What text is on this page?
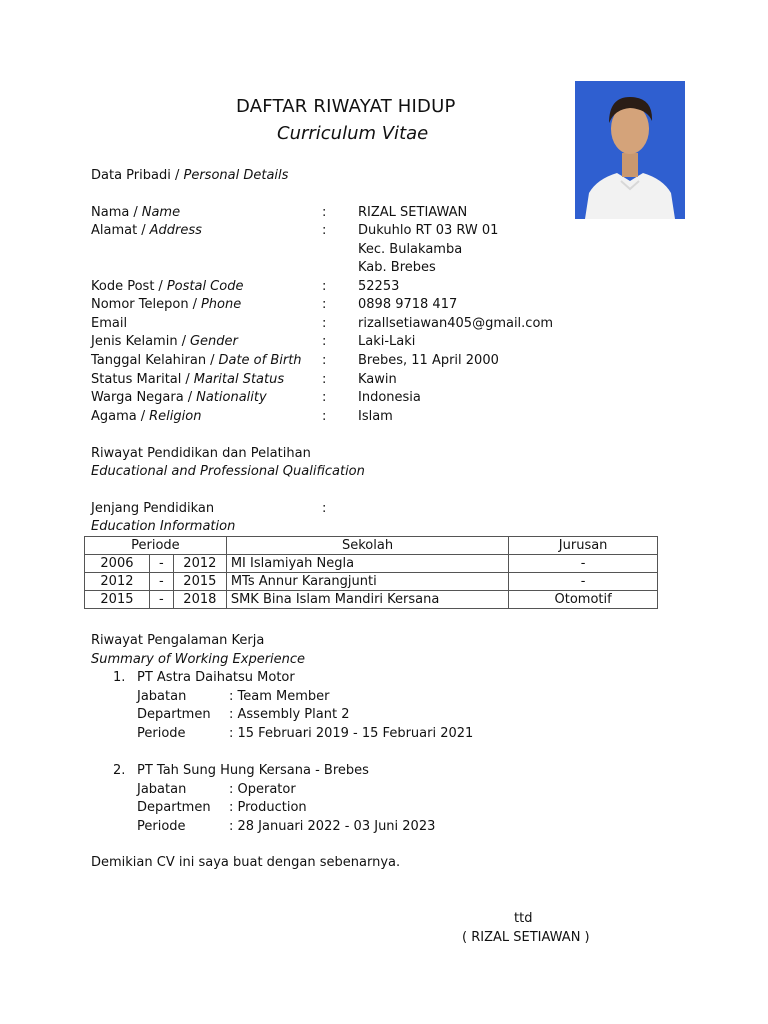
DAFTAR RIWAYAT HIDUP
Curriculum Vitae
Data Pribadi / Personal Details
Nama / Name	: RIZAL SETIAWAN
Alamat / Address	: Dukuhlo RT 03 RW 01
Kec. Bulakamba
Kab. Brebes
Kode Post / Postal Code	: 52253
Nomor Telepon / Phone	: 0898 9718 417
Email	: rizallsetiawan405@gmail.com
Jenis Kelamin / Gender	: Laki-Laki
Tanggal Kelahiran / Date of Birth : Brebes, 11 April 2000
Status Marital / Marital Status	: Kawin
Warga Negara / Nationality	: Indonesia
Agama / Religion	: Islam
Riwayat Pendidikan dan Pelatihan
Educational and Professional Qualification
Jenjang Pendidikan	:
Education Information
Periode			Sekolah	Jurusan
2006	-	2012	MI Islamiyah Negla	-
2012	-	2015	MTs Annur Karangjunti	-
2015	-	2018	SMK Bina Islam Mandiri Kersana	Otomotif
Riwayat Pengalaman Kerja
Summary of Working Experience
1. PT Astra Daihatsu Motor
Jabatan	: Team Member
Departmen : Assembly Plant 2
Periode	: 15 Februari 2019 - 15 Februari 2021
2. PT Tah Sung Hung Kersana - Brebes
Jabatan	: Operator
Departmen : Production
Periode	: 28 Januari 2022 - 03 Juni 2023
Demikian CV ini saya buat dengan sebenarnya.
ttd
( RIZAL SETIAWAN )
